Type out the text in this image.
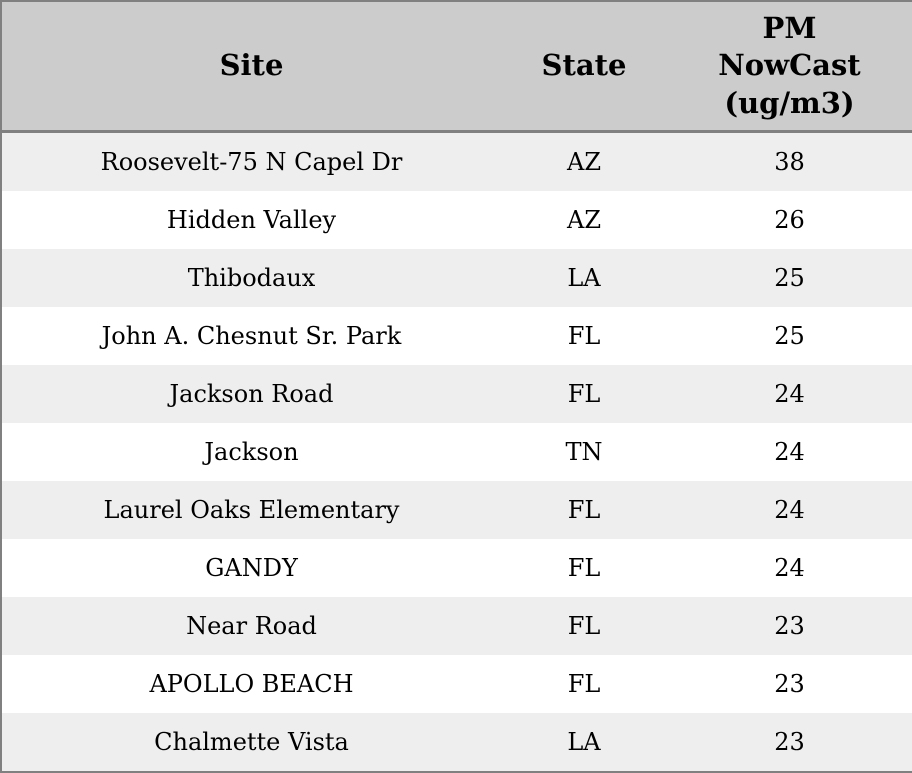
Site	State	PM NowCast (ug/m3)
Roosevelt-75 N Capel Dr	AZ	38
Hidden Valley	AZ	26
Thibodaux	LA	25
John A. Chesnut Sr. Park	FL	25
Jackson Road	FL	24
Jackson	TN	24
Laurel Oaks Elementary	FL	24
GANDY	FL	24
Near Road	FL	23
APOLLO BEACH	FL	23
Chalmette Vista	LA	23
